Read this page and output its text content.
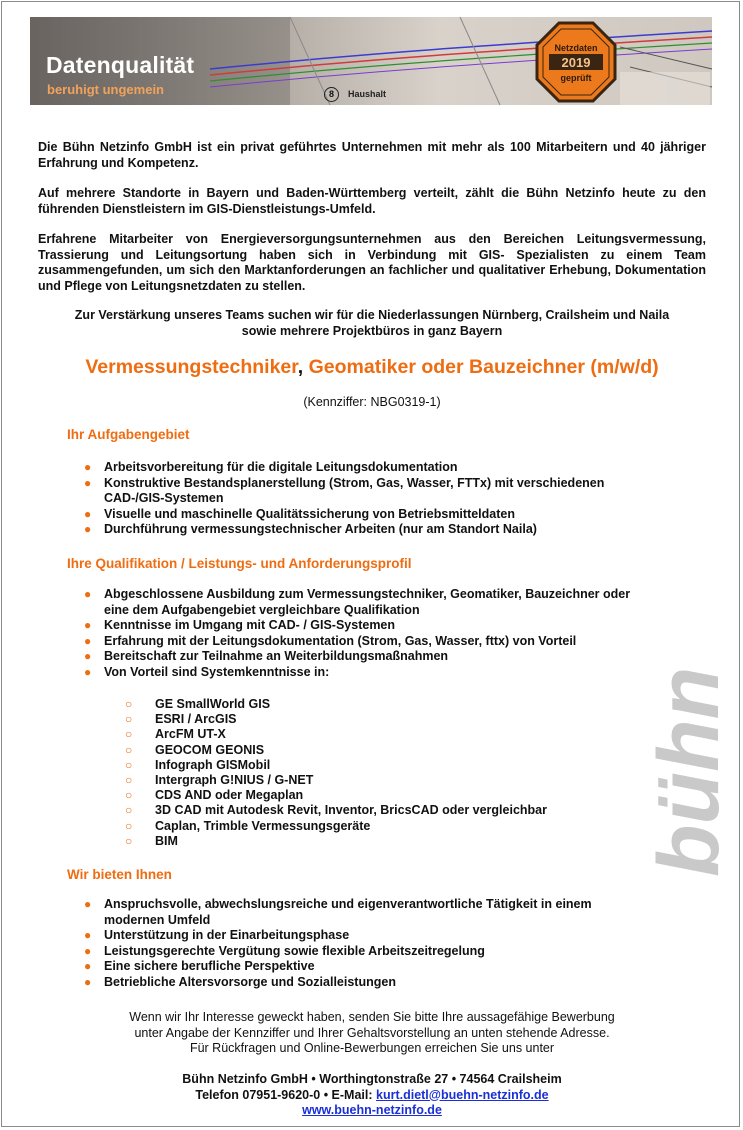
Datenqualität
beruhigt ungemein	8	Haushalt
Netzdaten
2019
geprüft

Die Bühn Netzinfo GmbH ist ein privat geführtes Unternehmen mit mehr als 100 Mitarbeitern und 40 jähriger Erfahrung und Kompetenz.

Auf mehrere Standorte in Bayern und Baden-Württemberg verteilt, zählt die Bühn Netzinfo heute zu den führenden Dienstleistern im GIS-Dienstleistungs-Umfeld.

Erfahrene Mitarbeiter von Energieversorgungsunternehmen aus den Bereichen Leitungsvermessung, Trassierung und Leitungsortung haben sich in Verbindung mit GIS- Spezialisten zu einem Team zusammengefunden, um sich den Marktanforderungen an fachlicher und qualitativer Erhebung, Dokumentation und Pflege von Leitungsnetzdaten zu stellen.

Zur Verstärkung unseres Teams suchen wir für die Niederlassungen Nürnberg, Crailsheim und Naila
sowie mehrere Projektbüros in ganz Bayern

Vermessungstechniker, Geomatiker oder Bauzeichner (m/w/d)

(Kennziffer: NBG0319-1)

Ihr Aufgabengebiet

● Arbeitsvorbereitung für die digitale Leitungsdokumentation
● Konstruktive Bestandsplanerstellung (Strom, Gas, Wasser, FTTx) mit verschiedenen CAD-/GIS-Systemen
● Visuelle und maschinelle Qualitätssicherung von Betriebsmitteldaten
● Durchführung vermessungstechnischer Arbeiten (nur am Standort Naila)

Ihre Qualifikation / Leistungs- und Anforderungsprofil

● Abgeschlossene Ausbildung zum Vermessungstechniker, Geomatiker, Bauzeichner oder eine dem Aufgabengebiet vergleichbare Qualifikation
● Kenntnisse im Umgang mit CAD- / GIS-Systemen
● Erfahrung mit der Leitungsdokumentation (Strom, Gas, Wasser, fttx) von Vorteil
● Bereitschaft zur Teilnahme an Weiterbildungsmaßnahmen
● Von Vorteil sind Systemkenntnisse in:
○ GE SmallWorld GIS
○ ESRI / ArcGIS
○ ArcFM UT-X
○ GEOCOM GEONIS
○ Infograph GISMobil
○ Intergraph G!NIUS / G-NET
○ CDS AND oder Megaplan
○ 3D CAD mit Autodesk Revit, Inventor, BricsCAD oder vergleichbar
○ Caplan, Trimble Vermessungsgeräte
○ BIM

Wir bieten Ihnen

● Anspruchsvolle, abwechslungsreiche und eigenverantwortliche Tätigkeit in einem modernen Umfeld
● Unterstützung in der Einarbeitungsphase
● Leistungsgerechte Vergütung sowie flexible Arbeitszeitregelung
● Eine sichere berufliche Perspektive
● Betriebliche Altersvorsorge und Sozialleistungen

Wenn wir Ihr Interesse geweckt haben, senden Sie bitte Ihre aussagefähige Bewerbung
unter Angabe der Kennziffer und Ihrer Gehaltsvorstellung an unten stehende Adresse.
Für Rückfragen und Online-Bewerbungen erreichen Sie uns unter

Bühn Netzinfo GmbH • Worthingtonstraße 27 • 74564 Crailsheim
Telefon 07951-9620-0 • E-Mail: kurt.dietl@buehn-netzinfo.de
www.buehn-netzinfo.de

bühn
